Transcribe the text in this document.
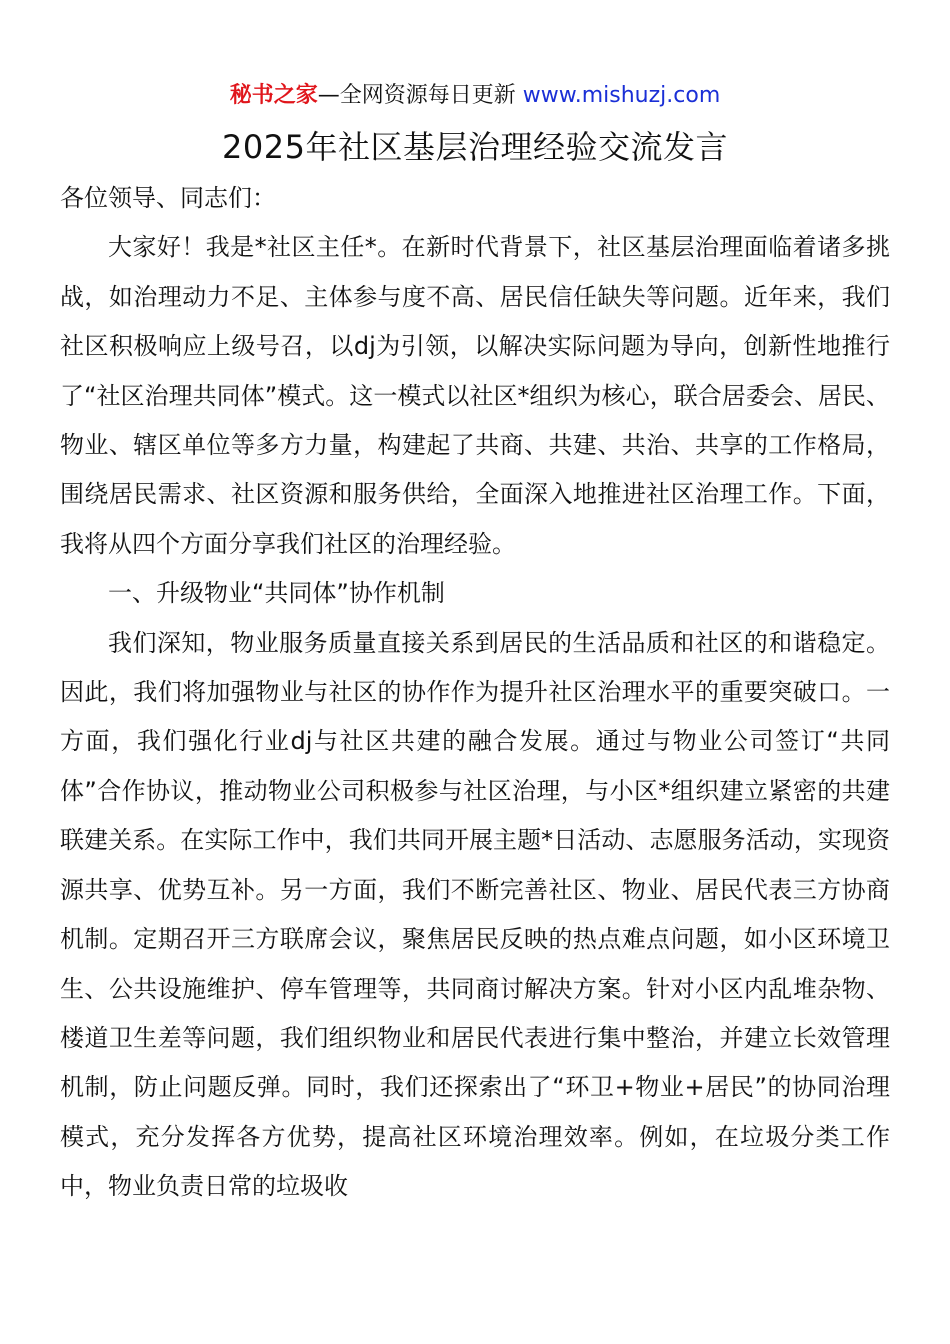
秘书之家—全网资源每日更新 www.mishuzj.com
2025年社区基层治理经验交流发言

各位领导、同志们：

大家好！我是*社区主任*。在新时代背景下，社区基层治理面临着诸多挑战，如治理动力不足、主体参与度不高、居民信任缺失等问题。近年来，我们社区积极响应上级号召，以dj为引领，以解决实际问题为导向，创新性地推行了“社区治理共同体”模式。这一模式以社区*组织为核心，联合居委会、居民、物业、辖区单位等多方力量，构建起了共商、共建、共治、共享的工作格局，围绕居民需求、社区资源和服务供给，全面深入地推进社区治理工作。下面，我将从四个方面分享我们社区的治理经验。

一、升级物业“共同体”协作机制

我们深知，物业服务质量直接关系到居民的生活品质和社区的和谐稳定。因此，我们将加强物业与社区的协作作为提升社区治理水平的重要突破口。一方面，我们强化行业dj与社区共建的融合发展。通过与物业公司签订“共同体”合作协议，推动物业公司积极参与社区治理，与小区*组织建立紧密的共建联建关系。在实际工作中，我们共同开展主题*日活动、志愿服务活动，实现资源共享、优势互补。另一方面，我们不断完善社区、物业、居民代表三方协商机制。定期召开三方联席会议，聚焦居民反映的热点难点问题，如小区环境卫生、公共设施维护、停车管理等，共同商讨解决方案。针对小区内乱堆杂物、楼道卫生差等问题，我们组织物业和居民代表进行集中整治，并建立长效管理机制，防止问题反弹。同时，我们还探索出了“环卫+物业+居民”的协同治理模式，充分发挥各方优势，提高社区环境治理效率。例如，在垃圾分类工作中，物业负责日常的垃圾收
